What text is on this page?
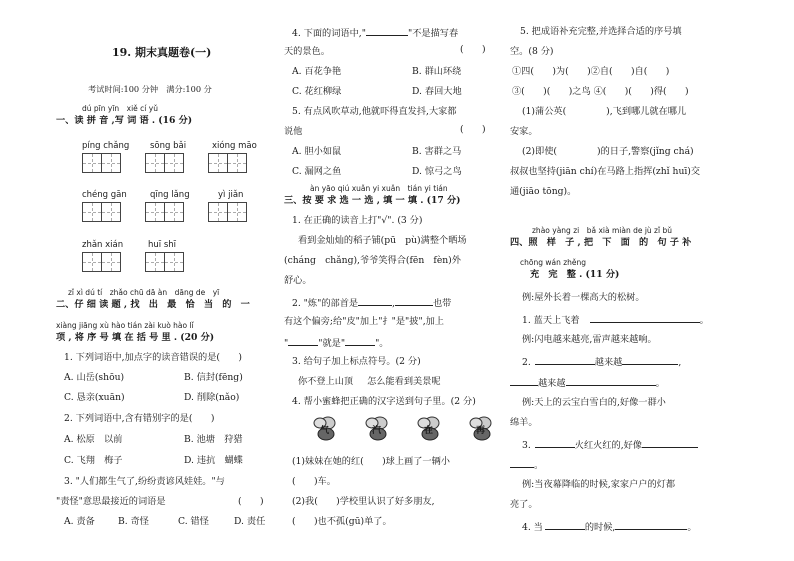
19. 期末真题卷(一)
考试时间:100 分钟　满分:100 分
dú pīn yīn　xiě cí yǔ
一、读 拼 音 ,写 词 语 . (16 分)
píng chǎng sōng bǎi	xióng māo
chéng gān	qīng lǎng	yì jiǎn
zhǎn xián	huī shī
zǐ xì dú tí　zhǎo chū dā àn　dāng de　yī
二、仔 细 读 题 , 找　出　最　恰　当　的　一
xiàng jiāng xù hào tián zài kuò hào lǐ
项 , 将 序 号 填 在 括 号 里 . (20 分)
1. 下列词语中,加点字的读音错误的是(　　)
A. 山岳(shōu)	B. 信封(fēng)
C. 恳亲(xuān)	D. 削除(nǎo)
2. 下列词语中,含有错别字的是(　　)
A. 松原　以前	B. 池塘　狩猎
C. 飞翔　梅子	D. 违抗　蝴蝶
3. "人们都生气了,纷纷责谚风娃娃。"与
"责怪"意思最接近的词语是	(　　)
A. 责备	B. 奇怪	C. 错怪	D. 责任
4. 下面的词语中,"	"不是描写春
天的景色。	(　　)
A. 百花争艳	B. 群山环绕
C. 花红柳绿	D. 春回大地
5. 有点风吹草动,他就吓得直发抖,大家都
说他	(　　)
A. 胆小如鼠	B. 害群之马
C. 漏网之鱼	D. 惊弓之鸟
àn yāo qiú xuǎn yi xuǎn　tián yi tián
三、按 要 求 选 一 选 , 填 一 填 . (17 分)
1. 在正确的读音上打"√". (3 分)
看到金灿灿的稻子铺(pū　pù)满整个晒场
(cháng　chǎng),爷爷笑得合(fēn　fèn)外
舒心。
2. "炼"的部首是	,	也带
有这个偏旁;给"皮"加上"扌"是"披",加上
"	"就是"	"。
3. 给句子加上标点符号。(2 分)
你不登上山顶 怎么能看到美景呢
4. 帮小蜜蜂把正确的汉字送到句子里。(2 分)
气	汽	在	再
(1)妹妹在她的红(　　)球上画了一辆小
(　　)车。
(2)我(　　)学校里认识了好多朋友,
(　　)也不孤(gū)单了。
5. 把成语补充完整,并选择合适的序号填
空。(8 分)
①四(　　)为(　　)②自(　　)自(　　)
③(　　)(　　)之鸟 ④(　　)(　　)得(　　)
(1)蒲公英(	),飞到哪儿就在哪儿
安家。
(2)即使(	)的日子,警察(jǐng chá)
叔叔也坚持(jiān chí)在马路上指挥(zhǐ huī)交
通(jiāo tōng)。
zhào yàng zi　bǎ xià miàn de jù zǐ bǔ
四、照　样　子 , 把　下　面　的　句 子 补
chōng wán zhěng
充　完　整 . (11 分)
例:屋外长着一棵高大的松树。
1. 蓝天上飞着	。
例:闪电越来越亮,雷声越来越响。
2.	越来越	,
越来越	。
例:天上的云宝白雪白的,好像一群小
绵羊。
3.	火红火红的,好像
。
例:当夜幕降临的时候,家家户户的灯都
亮了。
4. 当	的时候,	。
